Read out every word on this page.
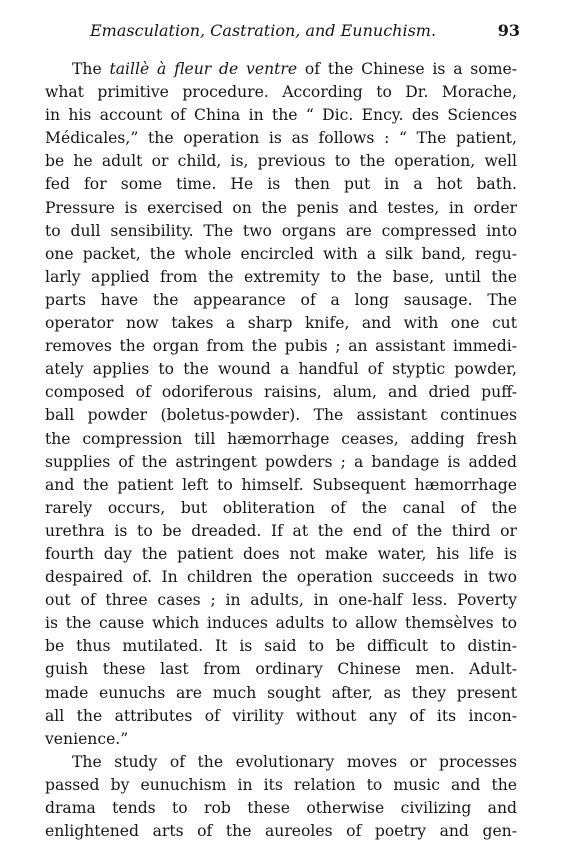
Emasculation, Castration, and Eunuchism.	93
The taillè à fleur de ventre of the Chinese is a some-
what primitive procedure. According to Dr. Morache,
in his account of China in the “ Dic. Ency. des Sciences
Médicales,” the operation is as follows : “ The patient,
be he adult or child, is, previous to the operation, well
fed for some time. He is then put in a hot bath.
Pressure is exercised on the penis and testes, in order
to dull sensibility. The two organs are compressed into
one packet, the whole encircled with a silk band, regu-
larly applied from the extremity to the base, until the
parts have the appearance of a long sausage. The
operator now takes a sharp knife, and with one cut
removes the organ from the pubis ; an assistant immedi-
ately applies to the wound a handful of styptic powder,
composed of odoriferous raisins, alum, and dried puff-
ball powder (boletus-powder). The assistant continues
the compression till hæmorrhage ceases, adding fresh
supplies of the astringent powders ; a bandage is added
and the patient left to himself. Subsequent hæmorrhage
rarely occurs, but obliteration of the canal of the
urethra is to be dreaded. If at the end of the third or
fourth day the patient does not make water, his life is
despaired of. In children the operation succeeds in two
out of three cases ; in adults, in one-half less. Poverty
is the cause which induces adults to allow themsèlves to
be thus mutilated. It is said to be difficult to distin-
guish these last from ordinary Chinese men. Adult-
made eunuchs are much sought after, as they present
all the attributes of virility without any of its incon-
venience.”
The study of the evolutionary moves or processes
passed by eunuchism in its relation to music and the
drama tends to rob these otherwise civilizing and
enlightened arts of the aureoles of poetry and gen-
